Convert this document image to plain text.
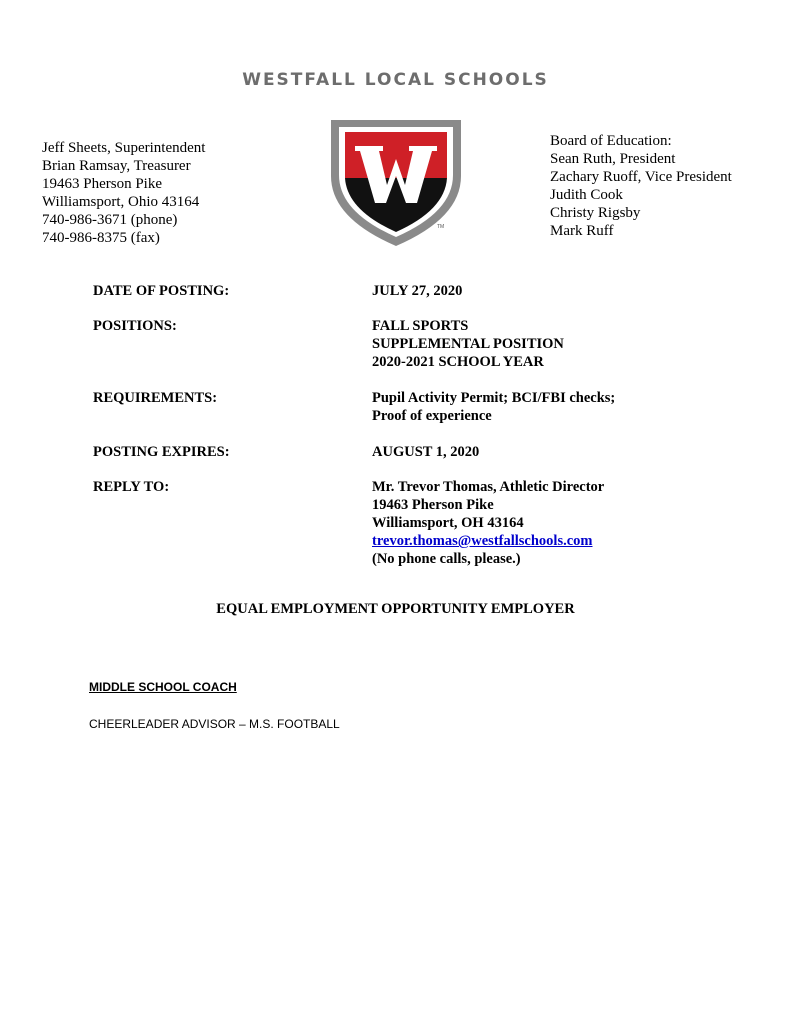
WESTFALL LOCAL SCHOOLS
Jeff Sheets, Superintendent
Brian Ramsay, Treasurer
19463 Pherson Pike
Williamsport, Ohio 43164
740-986-3671 (phone)
740-986-8375 (fax)
TM
Board of Education:
Sean Ruth, President
Zachary Ruoff, Vice President
Judith Cook
Christy Rigsby
Mark Ruff
DATE OF POSTING:	JULY 27, 2020
POSITIONS:	FALL SPORTS
SUPPLEMENTAL POSITION
2020-2021 SCHOOL YEAR
REQUIREMENTS:	Pupil Activity Permit; BCI/FBI checks;
Proof of experience
POSTING EXPIRES:	AUGUST 1, 2020
REPLY TO:	Mr. Trevor Thomas, Athletic Director
19463 Pherson Pike
Williamsport, OH 43164
trevor.thomas@westfallschools.com
(No phone calls, please.)
EQUAL EMPLOYMENT OPPORTUNITY EMPLOYER
MIDDLE SCHOOL COACH
CHEERLEADER ADVISOR – M.S. FOOTBALL
